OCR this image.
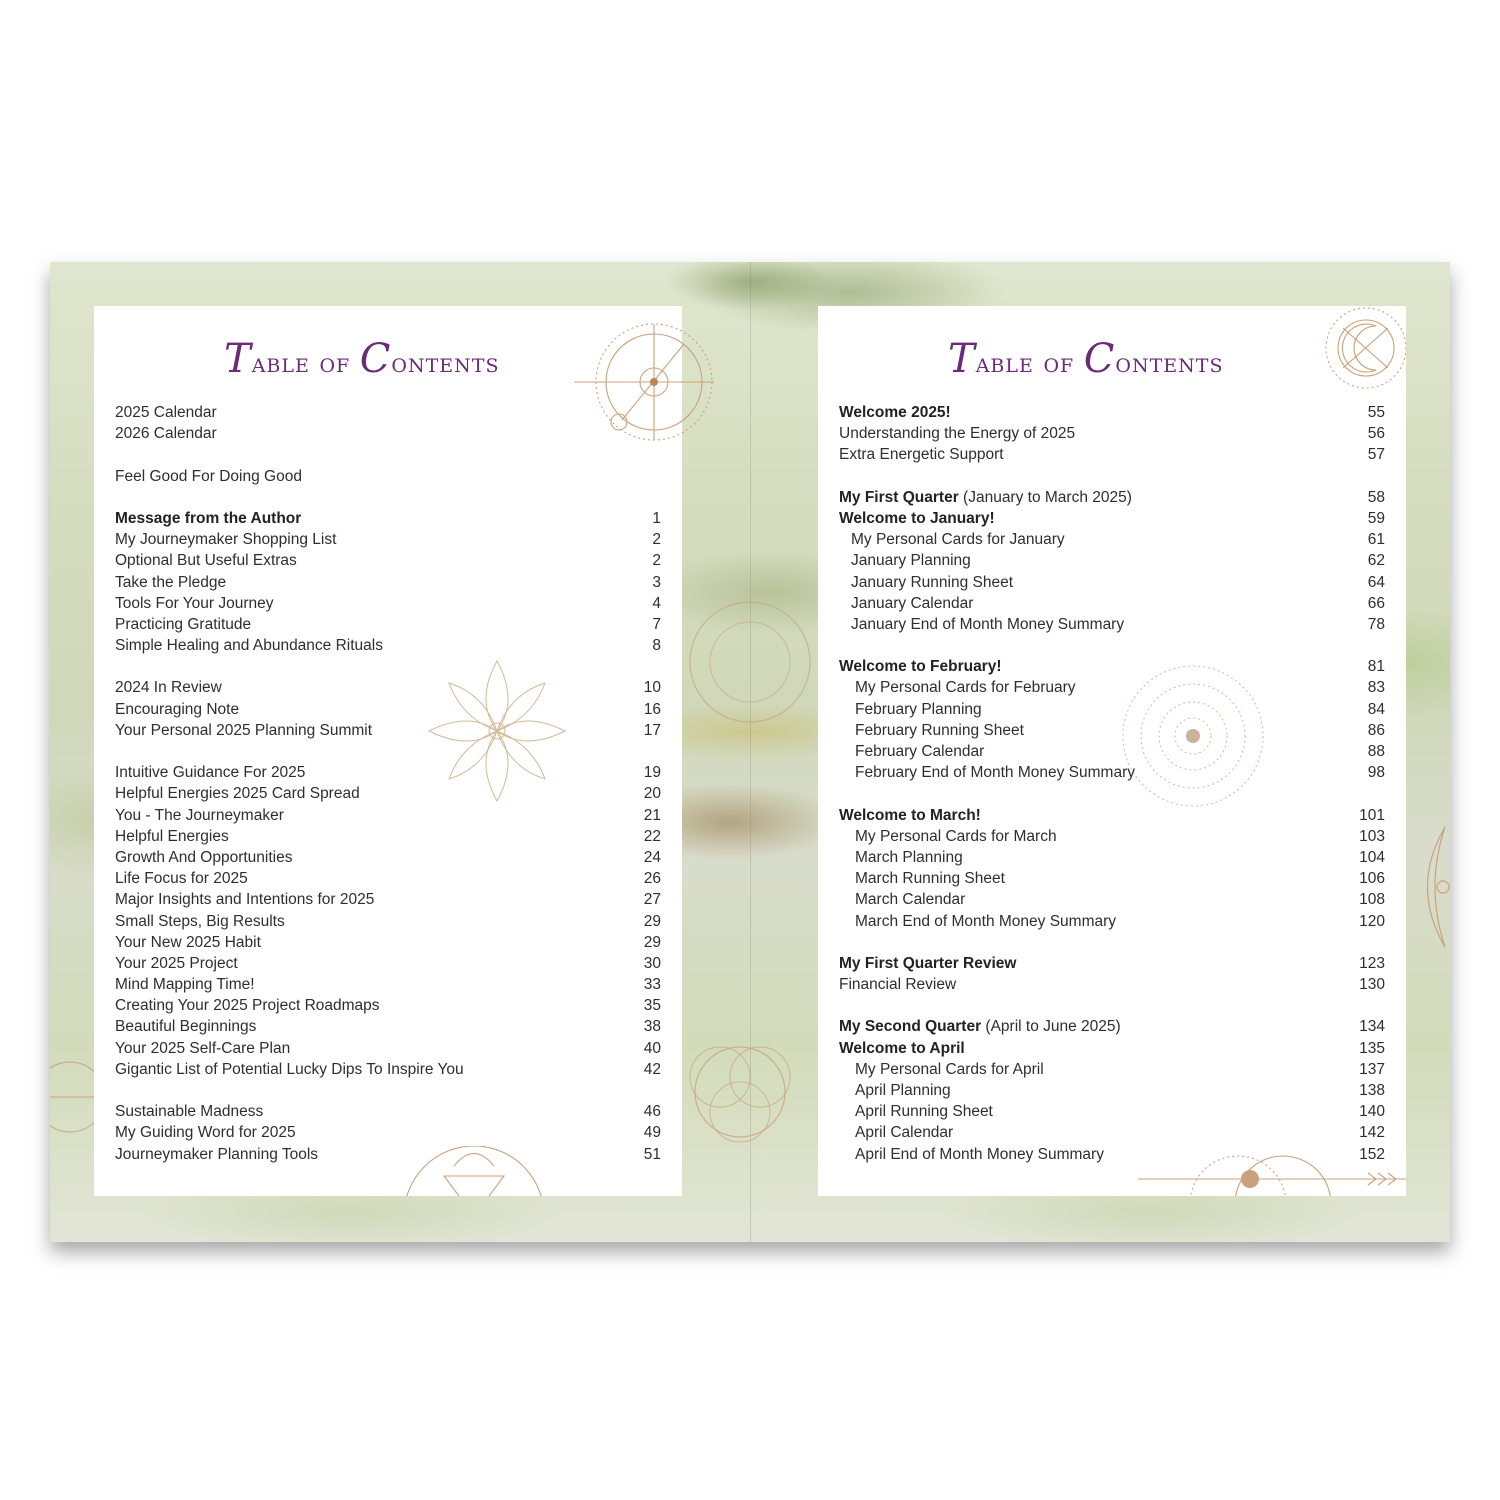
Table of Contents
2025 Calendar
2026 Calendar
Feel Good For Doing Good
Message from the Author	1
My Journeymaker Shopping List	2
Optional But Useful Extras	2
Take the Pledge	3
Tools For Your Journey	4
Practicing Gratitude	7
Simple Healing and Abundance Rituals	8
2024 In Review	10
Encouraging Note	16
Your Personal 2025 Planning Summit	17
Intuitive Guidance For 2025	19
Helpful Energies 2025 Card Spread	20
You - The Journeymaker	21
Helpful Energies	22
Growth And Opportunities	24
Life Focus for 2025	26
Major Insights and Intentions for 2025	27
Small Steps, Big Results	29
Your New 2025 Habit	29
Your 2025 Project	30
Mind Mapping Time!	33
Creating Your 2025 Project Roadmaps	35
Beautiful Beginnings	38
Your 2025 Self-Care Plan	40
Gigantic List of Potential Lucky Dips To Inspire You	42
Sustainable Madness	46
My Guiding Word for 2025	49
Journeymaker Planning Tools	51
Table of Contents
Welcome 2025!	55
Understanding the Energy of 2025	56
Extra Energetic Support	57
My First Quarter (January to March 2025)	58
Welcome to January!	59
My Personal Cards for January	61
January Planning	62
January Running Sheet	64
January Calendar	66
January End of Month Money Summary	78
Welcome to February!	81
My Personal Cards for February	83
February Planning	84
February Running Sheet	86
February Calendar	88
February End of Month Money Summary	98
Welcome to March!	101
My Personal Cards for March	103
March Planning	104
March Running Sheet	106
March Calendar	108
March End of Month Money Summary	120
My First Quarter Review	123
Financial Review	130
My Second Quarter (April to June 2025)	134
Welcome to April	135
My Personal Cards for April	137
April Planning	138
April Running Sheet	140
April Calendar	142
April End of Month Money Summary	152
